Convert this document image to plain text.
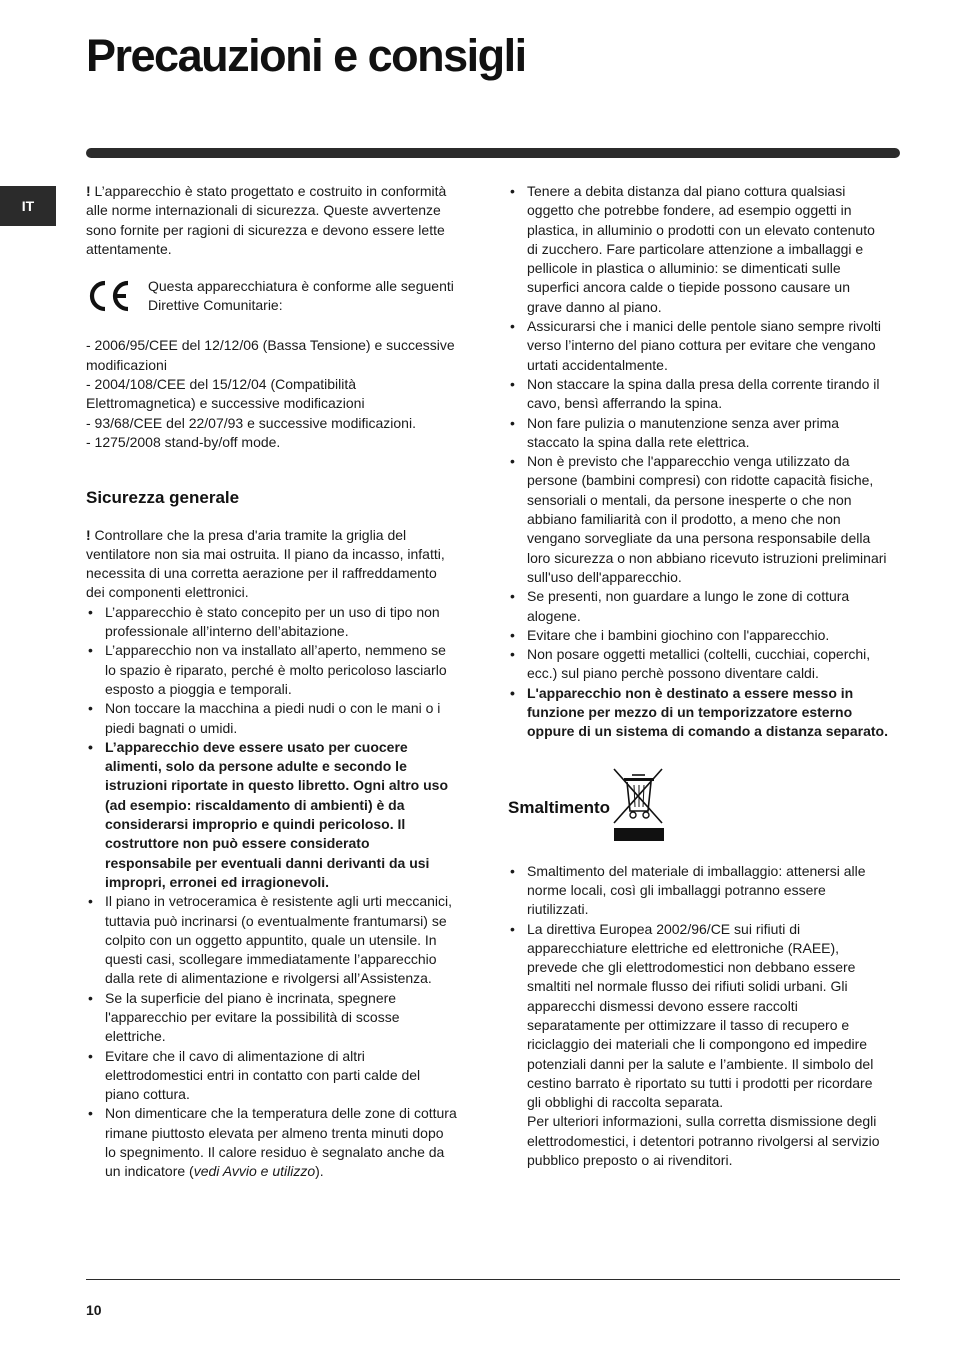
Precauzioni e consigli
IT

! L’apparecchio è stato progettato e costruito in conformità alle norme internazionali di sicurezza. Queste avvertenze sono fornite per ragioni di sicurezza e devono essere lette attentamente.

Questa apparecchiatura è conforme alle seguenti Direttive Comunitarie:

- 2006/95/CEE del 12/12/06 (Bassa Tensione) e successive modificazioni

- 2004/108/CEE del 15/12/04 (Compatibilità Elettromagnetica) e successive modificazioni

- 93/68/CEE del 22/07/93 e successive modificazioni.

- 1275/2008 stand-by/off mode.

Sicurezza generale

! Controllare che la presa d'aria tramite la griglia del ventilatore non sia mai ostruita. Il piano da incasso, infatti, necessita di una corretta aerazione per il raffreddamento dei componenti elettronici.

• L’apparecchio è stato concepito per un uso di tipo non professionale all’interno dell’abitazione.
• L’apparecchio non va installato all’aperto, nemmeno se lo spazio è riparato, perché è molto pericoloso lasciarlo esposto a pioggia e temporali.
• Non toccare la macchina a piedi nudi o con le mani o i piedi bagnati o umidi.
• L’apparecchio deve essere usato per cuocere alimenti, solo da persone adulte e secondo le istruzioni riportate in questo libretto. Ogni altro uso (ad esempio: riscaldamento di ambienti) è da considerarsi improprio e quindi pericoloso. Il costruttore non può essere considerato responsabile per eventuali danni derivanti da usi impropri, erronei ed irragionevoli.
• Il piano in vetroceramica è resistente agli urti meccanici, tuttavia può incrinarsi (o eventualmente frantumarsi) se colpito con un oggetto appuntito, quale un utensile. In questi casi, scollegare immediatamente l’apparecchio dalla rete di alimentazione e rivolgersi all’Assistenza.
• Se la superficie del piano è incrinata, spegnere l'apparecchio per evitare la possibilità di scosse elettriche.
• Evitare che il cavo di alimentazione di altri elettrodomestici entri in contatto con parti calde del piano cottura.
• Non dimenticare che la temperatura delle zone di cottura rimane piuttosto elevata per almeno trenta minuti dopo lo spegnimento. Il calore residuo è segnalato anche da un indicatore (vedi Avvio e utilizzo).
• Tenere a debita distanza dal piano cottura qualsiasi oggetto che potrebbe fondere, ad esempio oggetti in plastica, in alluminio o prodotti con un elevato contenuto di zucchero. Fare particolare attenzione a imballaggi e pellicole in plastica o alluminio: se dimenticati sulle superfici ancora calde o tiepide possono causare un grave danno al piano.
• Assicurarsi che i manici delle pentole siano sempre rivolti verso l’interno del piano cottura per evitare che vengano urtati accidentalmente.
• Non staccare la spina dalla presa della corrente tirando il cavo, bensì afferrando la spina.
• Non fare pulizia o manutenzione senza aver prima staccato la spina dalla rete elettrica.
• Non è previsto che l'apparecchio venga utilizzato da persone (bambini compresi) con ridotte capacità fisiche, sensoriali o mentali, da persone inesperte o che non abbiano familiarità con il prodotto, a meno che non vengano sorvegliate da una persona responsabile della loro sicurezza o non abbiano ricevuto istruzioni preliminari sull'uso dell'apparecchio.
• Se presenti, non guardare a lungo le zone di cottura alogene.
• Evitare che i bambini giochino con l'apparecchio.
• Non posare oggetti metallici (coltelli, cucchiai, coperchi, ecc.) sul piano perchè possono diventare caldi.
• L'apparecchio non è destinato a essere messo in funzione per mezzo di un temporizzatore esterno oppure di un sistema di comando a distanza separato.
Smaltimento
• Smaltimento del materiale di imballaggio: attenersi alle norme locali, così gli imballaggi potranno essere riutilizzati.
• La direttiva Europea 2002/96/CE sui rifiuti di apparecchiature elettriche ed elettroniche (RAEE), prevede che gli elettrodomestici non debbano essere smaltiti nel normale flusso dei rifiuti solidi urbani. Gli apparecchi dismessi devono essere raccolti separatamente per ottimizzare il tasso di recupero e riciclaggio dei materiali che li compongono ed impedire potenziali danni per la salute e l’ambiente. Il simbolo del cestino barrato è riportato su tutti i prodotti per ricordare gli obblighi di raccolta separata.
Per ulteriori informazioni, sulla corretta dismissione degli elettrodomestici, i detentori potranno rivolgersi al servizio pubblico preposto o ai rivenditori.
10
